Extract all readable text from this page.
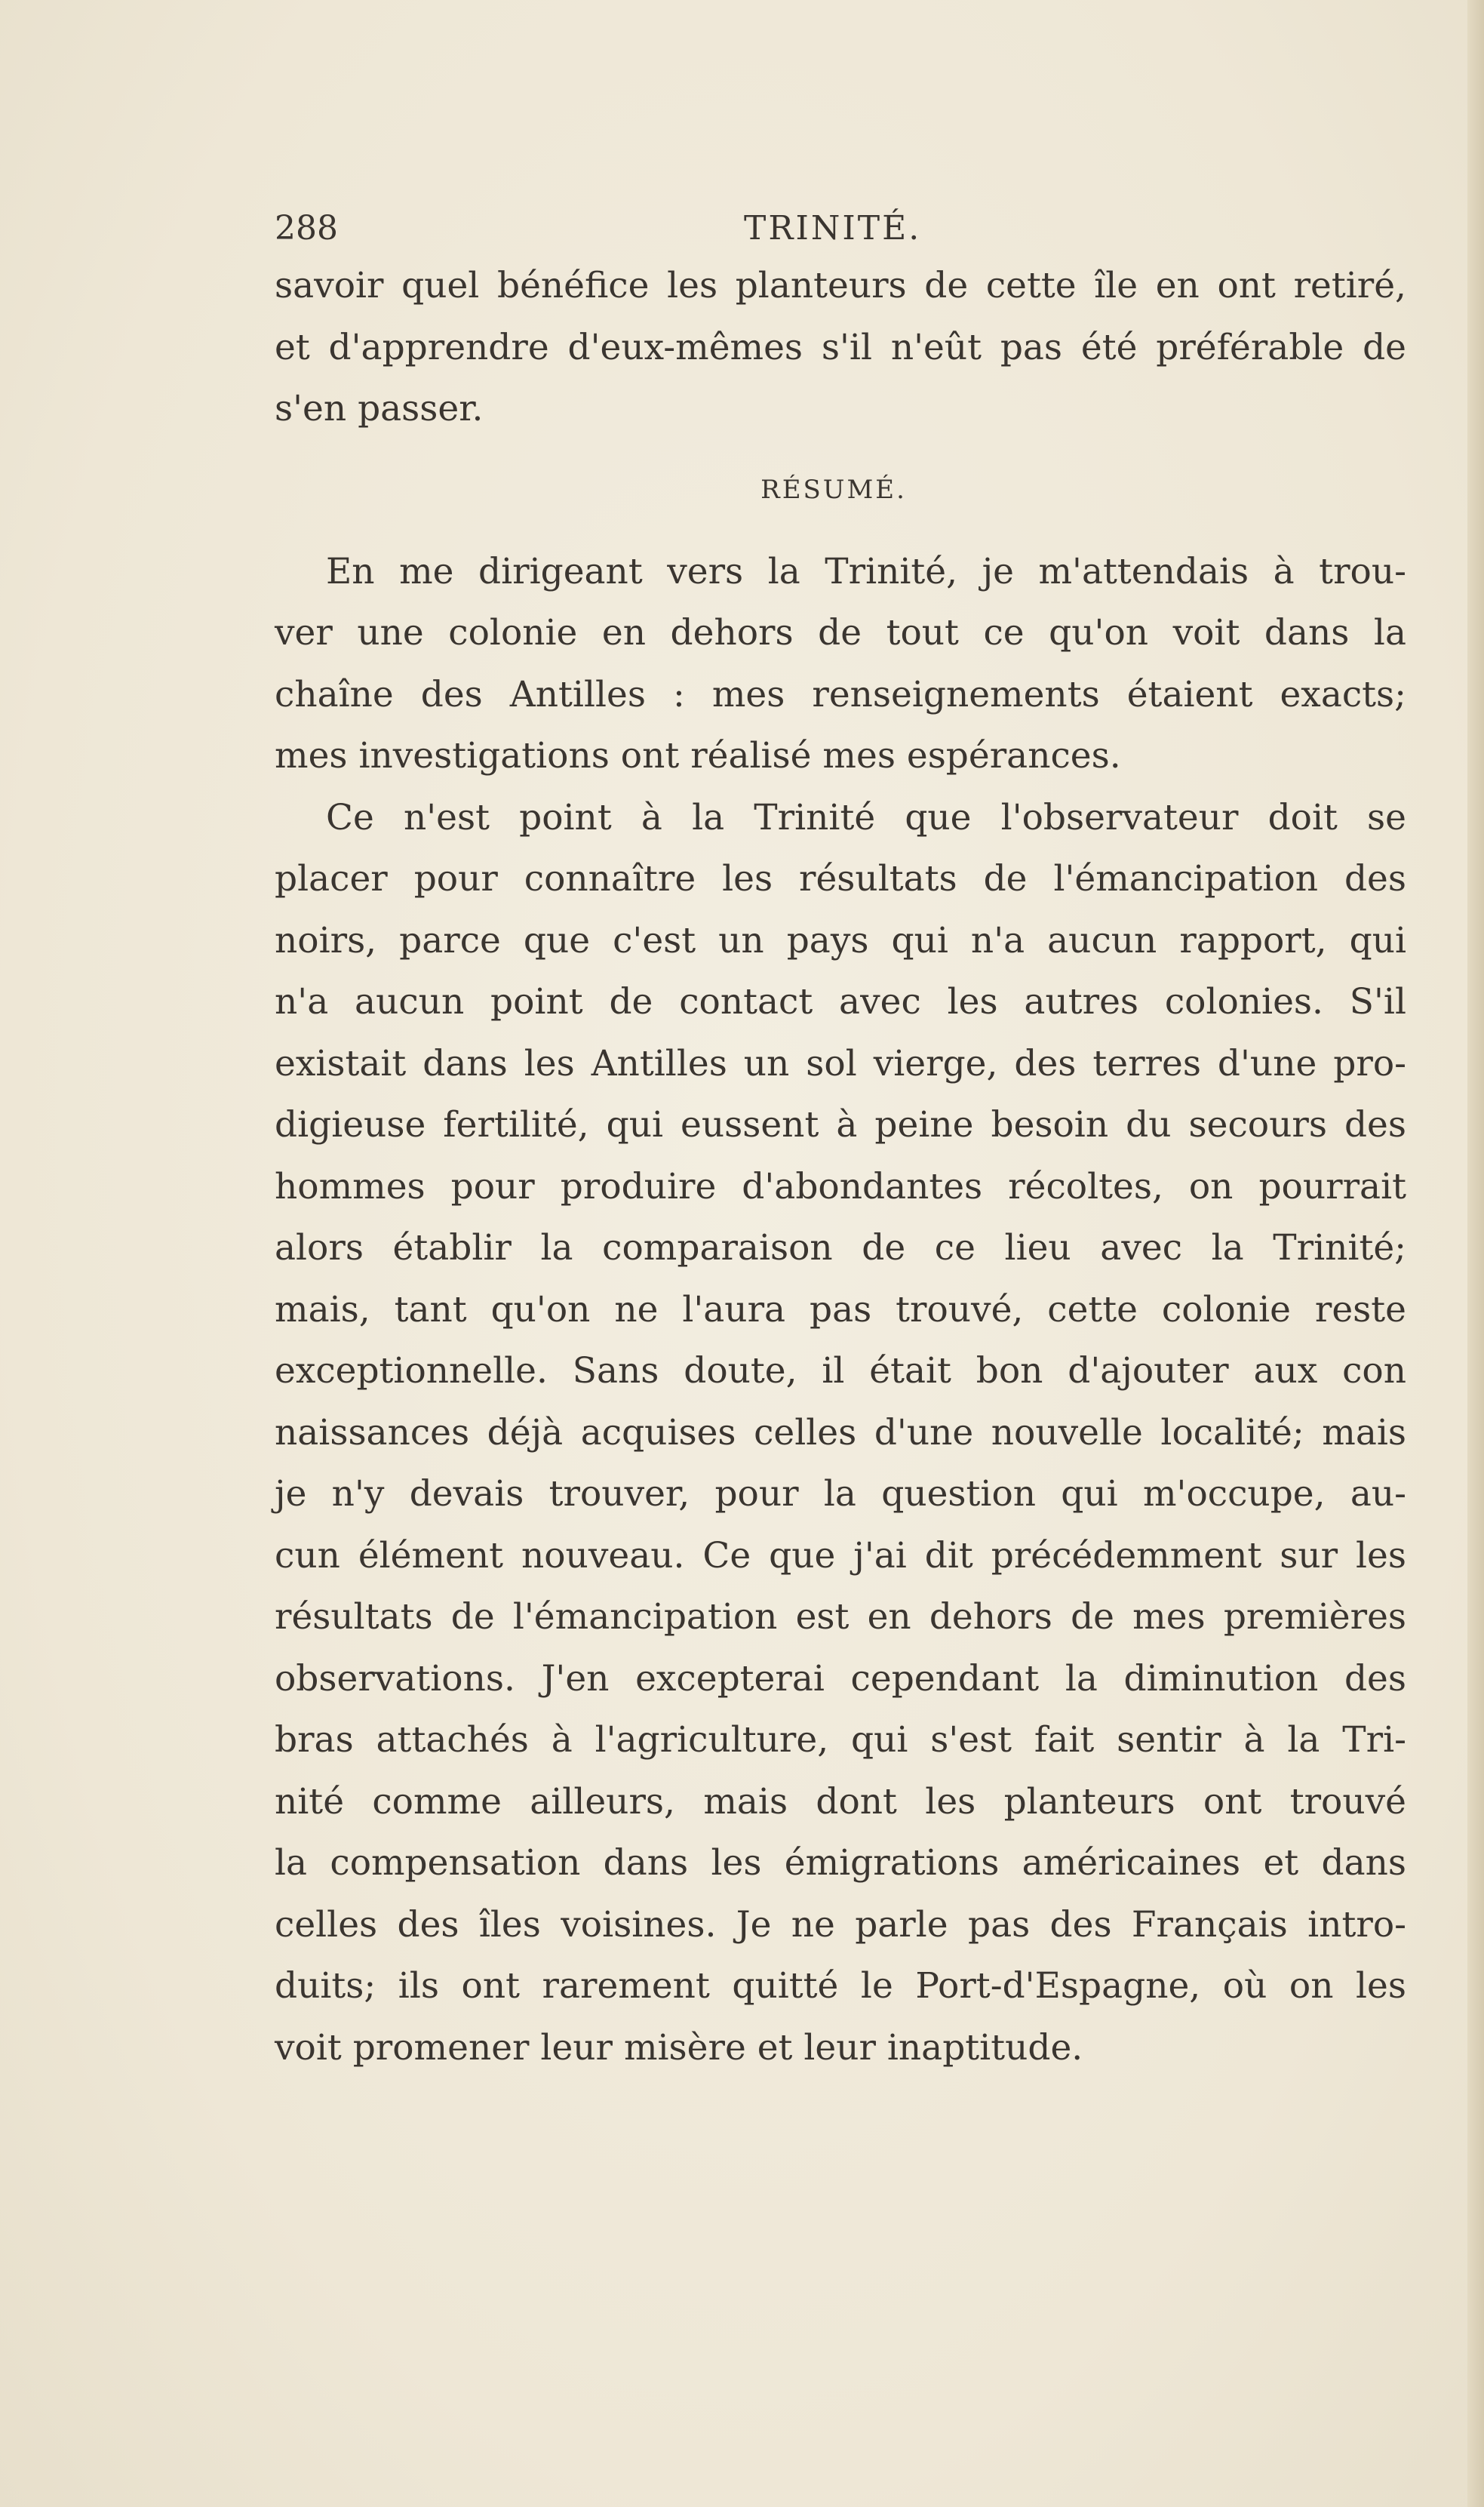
288	TRINITÉ.
savoir quel bénéfice les planteurs de cette île en ont retiré,
et d'apprendre d'eux-mêmes s'il n'eût pas été préférable de
s'en passer.
RÉSUMÉ.
En me dirigeant vers la Trinité, je m'attendais à trou-
ver une colonie en dehors de tout ce qu'on voit dans la
chaîne des Antilles : mes renseignements étaient exacts;
mes investigations ont réalisé mes espérances.
Ce n'est point à la Trinité que l'observateur doit se
placer pour connaître les résultats de l'émancipation des
noirs, parce que c'est un pays qui n'a aucun rapport, qui
n'a aucun point de contact avec les autres colonies. S'il
existait dans les Antilles un sol vierge, des terres d'une pro-
digieuse fertilité, qui eussent à peine besoin du secours des
hommes pour produire d'abondantes récoltes, on pourrait
alors établir la comparaison de ce lieu avec la Trinité;
mais, tant qu'on ne l'aura pas trouvé, cette colonie reste
exceptionnelle. Sans doute, il était bon d'ajouter aux con
naissances déjà acquises celles d'une nouvelle localité; mais
je n'y devais trouver, pour la question qui m'occupe, au-
cun élément nouveau. Ce que j'ai dit précédemment sur les
résultats de l'émancipation est en dehors de mes premières
observations. J'en excepterai cependant la diminution des
bras attachés à l'agriculture, qui s'est fait sentir à la Tri-
nité comme ailleurs, mais dont les planteurs ont trouvé
la compensation dans les émigrations américaines et dans
celles des îles voisines. Je ne parle pas des Français intro-
duits; ils ont rarement quitté le Port-d'Espagne, où on les
voit promener leur misère et leur inaptitude.
